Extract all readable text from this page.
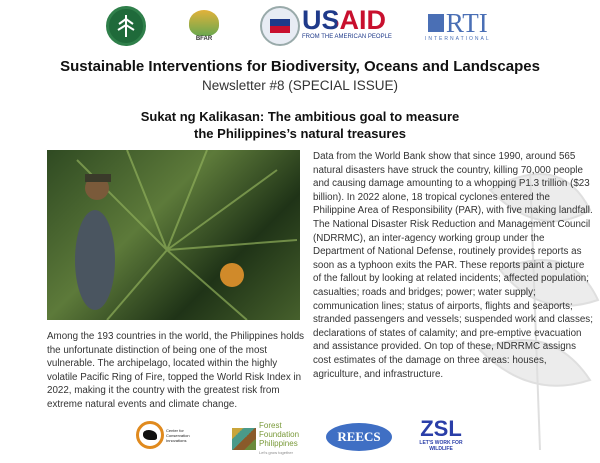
BFAR
USAID
FROM THE AMERICAN PEOPLE	RTI
INTERNATIONAL
Sustainable Interventions for Biodiversity, Oceans and Landscapes
Newsletter #8 (SPECIAL ISSUE)
Sukat ng Kalikasan: The ambitious goal to measure
the Philippines’s natural treasures
Data from the World Bank show that since 1990, around 565 natural disasters have struck the country, killing 70,000 people and causing damage amounting to a whopping P1.3 trillion ($23 billion). In 2022 alone, 18 tropical cyclones entered the Philippine Area of Responsibility (PAR), with five making landfall. The National Disaster Risk Reduction and Management Council (NDRRMC), an inter-agency working group under the Department of National Defense, routinely provides reports as soon as a typhoon exits the PAR. These reports paint a picture of the fallout by looking at related incidents; affected population; casualties; roads and bridges; power; water supply; communication lines; status of airports, flights and seaports; stranded passengers and vessels; suspended work and classes; declarations of states of calamity; and pre-emptive evacuation and assistance provided. On top of these, NDRRMC assigns cost estimates of the damage on three areas: houses, agriculture, and infrastructure.
Among the 193 countries in the world, the Philippines holds the unfortunate distinction of being one of the most vulnerable. The archipelago, located within the highly volatile Pacific Ring of Fire, topped the World Risk Index in 2022, making it the country with the greatest risk from extreme natural events and climate change.
Center for Conservation Innovations
Forest Foundation Philippines
Let's grow together
REECS	ZSL
LET'S WORK FOR WILDLIFE
